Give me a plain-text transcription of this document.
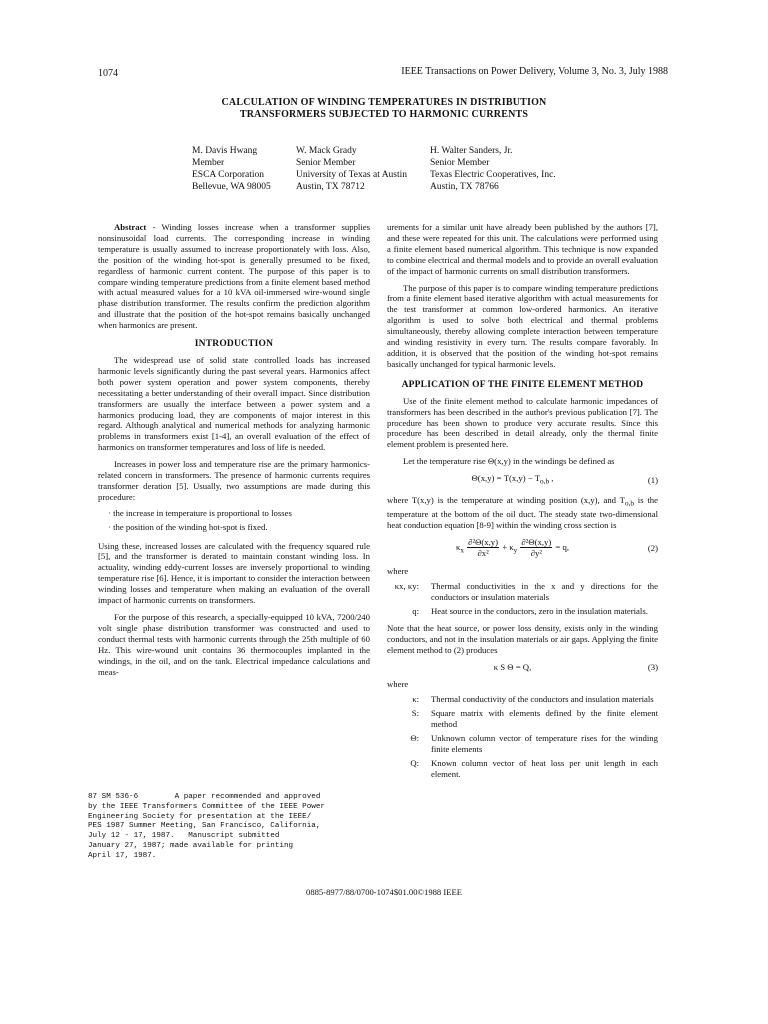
1074	IEEE Transactions on Power Delivery, Volume 3, No. 3, July 1988
CALCULATION OF WINDING TEMPERATURES IN DISTRIBUTION
TRANSFORMERS SUBJECTED TO HARMONIC CURRENTS
M. Davis Hwang
Member
ESCA Corporation
Bellevue, WA 98005
W. Mack Grady
Senior Member
University of Texas at Austin
Austin, TX 78712
H. Walter Sanders, Jr.
Senior Member
Texas Electric Cooperatives, Inc.
Austin, TX 78766

Abstract - Winding losses increase when a transformer supplies nonsinusoidal load currents. The corresponding increase in winding temperature is usually assumed to increase proportionately with loss. Also, the position of the winding hot-spot is generally presumed to be fixed, regardless of harmonic current content. The purpose of this paper is to compare winding temperature predictions from a finite element based method with actual measured values for a 10 kVA oil-immersed wire-wound single phase distribution transformer. The results confirm the prediction algorithm and illustrate that the position of the hot-spot remains basically unchanged when harmonics are present.

INTRODUCTION

The widespread use of solid state controlled loads has increased harmonic levels significantly during the past several years. Harmonics affect both power system operation and power system components, thereby necessitating a better understanding of their overall impact. Since distribution transformers are usually the interface between a power system and a harmonics producing load, they are components of major interest in this regard. Although analytical and numerical methods for analyzing harmonic problems in transformers exist [1-4], an overall evaluation of the effect of harmonics on transformer temperatures and loss of life is needed.

Increases in power loss and temperature rise are the primary harmonics-related concern in transformers. The presence of harmonic currents requires transformer deration [5]. Usually, two assumptions are made during this procedure:

· the increase in temperature is proportional to losses
· the position of the winding hot-spot is fixed.

Using these, increased losses are calculated with the frequency squared rule [5], and the transformer is derated to maintain constant winding loss. In actuality, winding eddy-current losses are inversely proportional to winding temperature rise [6]. Hence, it is important to consider the interaction between winding losses and temperature when making an evaluation of the overall impact of harmonic currents on transformers.

For the purpose of this research, a specially-equipped 10 kVA, 7200/240 volt single phase distribution transformer was constructed and used to conduct thermal tests with harmonic currents through the 25th multiple of 60 Hz. This wire-wound unit contains 36 thermocouples implanted in the windings, in the oil, and on the tank. Electrical impedance calculations and meas-

87 SM 536-6        A paper recommended and approved
by the IEEE Transformers Committee of the IEEE Power
Engineering Society for presentation at the IEEE/
PES 1987 Summer Meeting, San Francisco, California,
July 12 - 17, 1987.   Manuscript submitted
January 27, 1987; made available for printing
April 17, 1987.

urements for a similar unit have already been published by the authors [7], and these were repeated for this unit. The calculations were performed using a finite element based numerical algorithm. This technique is now expanded to combine electrical and thermal models and to provide an overall evaluation of the impact of harmonic currents on small distribution transformers.

The purpose of this paper is to compare winding temperature predictions from a finite element based iterative algorithm with actual measurements for the test transformer at common low-ordered harmonics. An iterative algorithm is used to solve both electrical and thermal problems simultaneously, thereby allowing complete interaction between temperature and winding resistivity in every turn. The results compare favorably. In addition, it is observed that the position of the winding hot-spot remains basically unchanged for typical harmonic levels.

APPLICATION OF THE FINITE ELEMENT METHOD

Use of the finite element method to calculate harmonic impedances of transformers has been described in the author's previous publication [7]. The procedure has been shown to produce very accurate results. Since this procedure has been described in detail already, only the thermal finite element problem is presented here.

Let the temperature rise Θ(x,y) in the windings be defined as

$\Theta(x,y) = T(x,y) - T_{o,b}$ ,	(1)

where T(x,y) is the temperature at winding position (x,y), and $T_{o,b}$ is the temperature at the bottom of the oil duct. The steady state two-dimensional heat conduction equation [8-9] within the winding cross section is

$\kappa_x \frac{\text{∂²Θ(x,y)}}{\text{∂x²}} + \kappa_y \frac{\text{∂²Θ(x,y)}}{\text{∂y²}} = q$,	(2)
where
κx, κy:	Thermal conductivities in the x and y directions for the conductors or insulation materials
q:	Heat source in the conductors, zero in the insulation materials.

Note that the heat source, or power loss density, exists only in the winding conductors, and not in the insulation materials or air gaps. Applying the finite element method to (2) produces

κ S Θ = Q,	(3)
where
κ:	Thermal conductivity of the conductors and insulation materials
S:	Square matrix with elements defined by the finite element method
Θ:	Unknown column vector of temperature rises for the winding finite elements
Q:	Known column vector of heat loss per unit length in each element.
0885-8977/88/0700-1074$01.00©1988 IEEE
